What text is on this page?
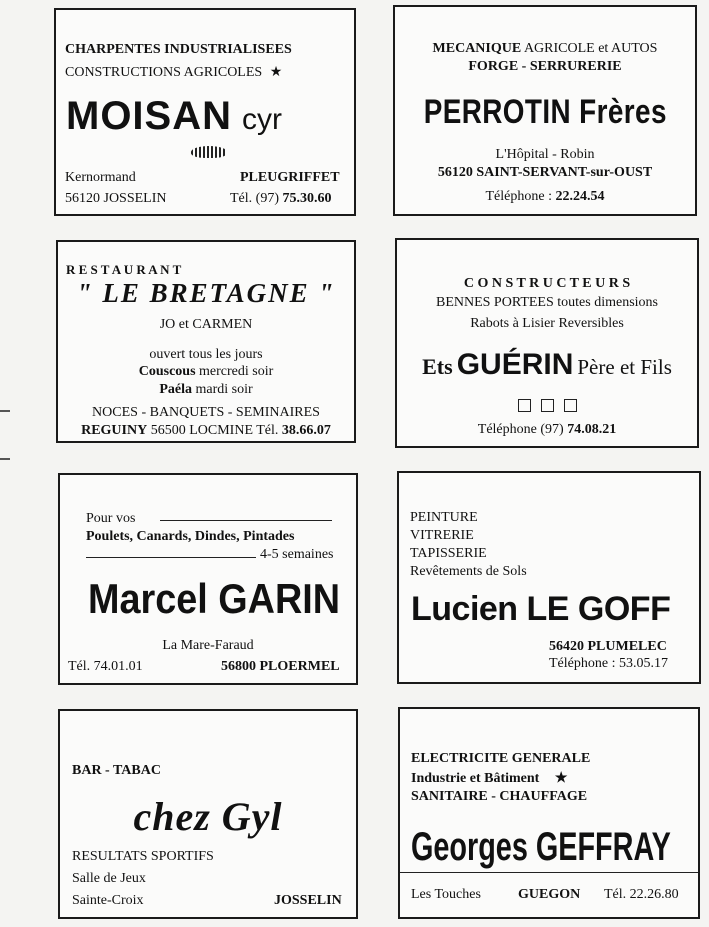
CHARPENTES INDUSTRIALISEES
CONSTRUCTIONS AGRICOLES ★
MOISAN cyr
Kernormand	PLEUGRIFFET
56120 JOSSELIN	Tél. (97) 75.30.60
MECANIQUE AGRICOLE et AUTOS
FORGE - SERRURERIE
PERROTIN Frères
L'Hôpital - Robin
56120 SAINT-SERVANT-sur-OUST
Téléphone : 22.24.54
R E S T A U R A N T
" LE BRETAGNE "
JO et CARMEN
ouvert tous les jours
Couscous mercredi soir
Paéla mardi soir
NOCES - BANQUETS - SEMINAIRES
REGUINY 56500 LOCMINE Tél. 38.66.07
C O N S T R U C T E U R S
BENNES PORTEES toutes dimensions
Rabots à Lisier Reversibles
Ets GUÉRIN Père et Fils
Téléphone (97) 74.08.21
Pour vos
Poulets, Canards, Dindes, Pintades
4-5 semaines
Marcel GARIN
La Mare-Faraud
Tél. 74.01.01	56800 PLOERMEL
PEINTURE
VITRERIE
TAPISSERIE
Revêtements de Sols
Lucien LE GOFF
56420 PLUMELEC
Téléphone : 53.05.17
BAR - TABAC
chez Gyl
RESULTATS SPORTIFS
Salle de Jeux
Sainte-Croix	JOSSELIN
ELECTRICITE GENERALE
Industrie et Bâtiment ★
SANITAIRE - CHAUFFAGE
Georges GEFFRAY
Les Touches	GUEGON Tél. 22.26.80
